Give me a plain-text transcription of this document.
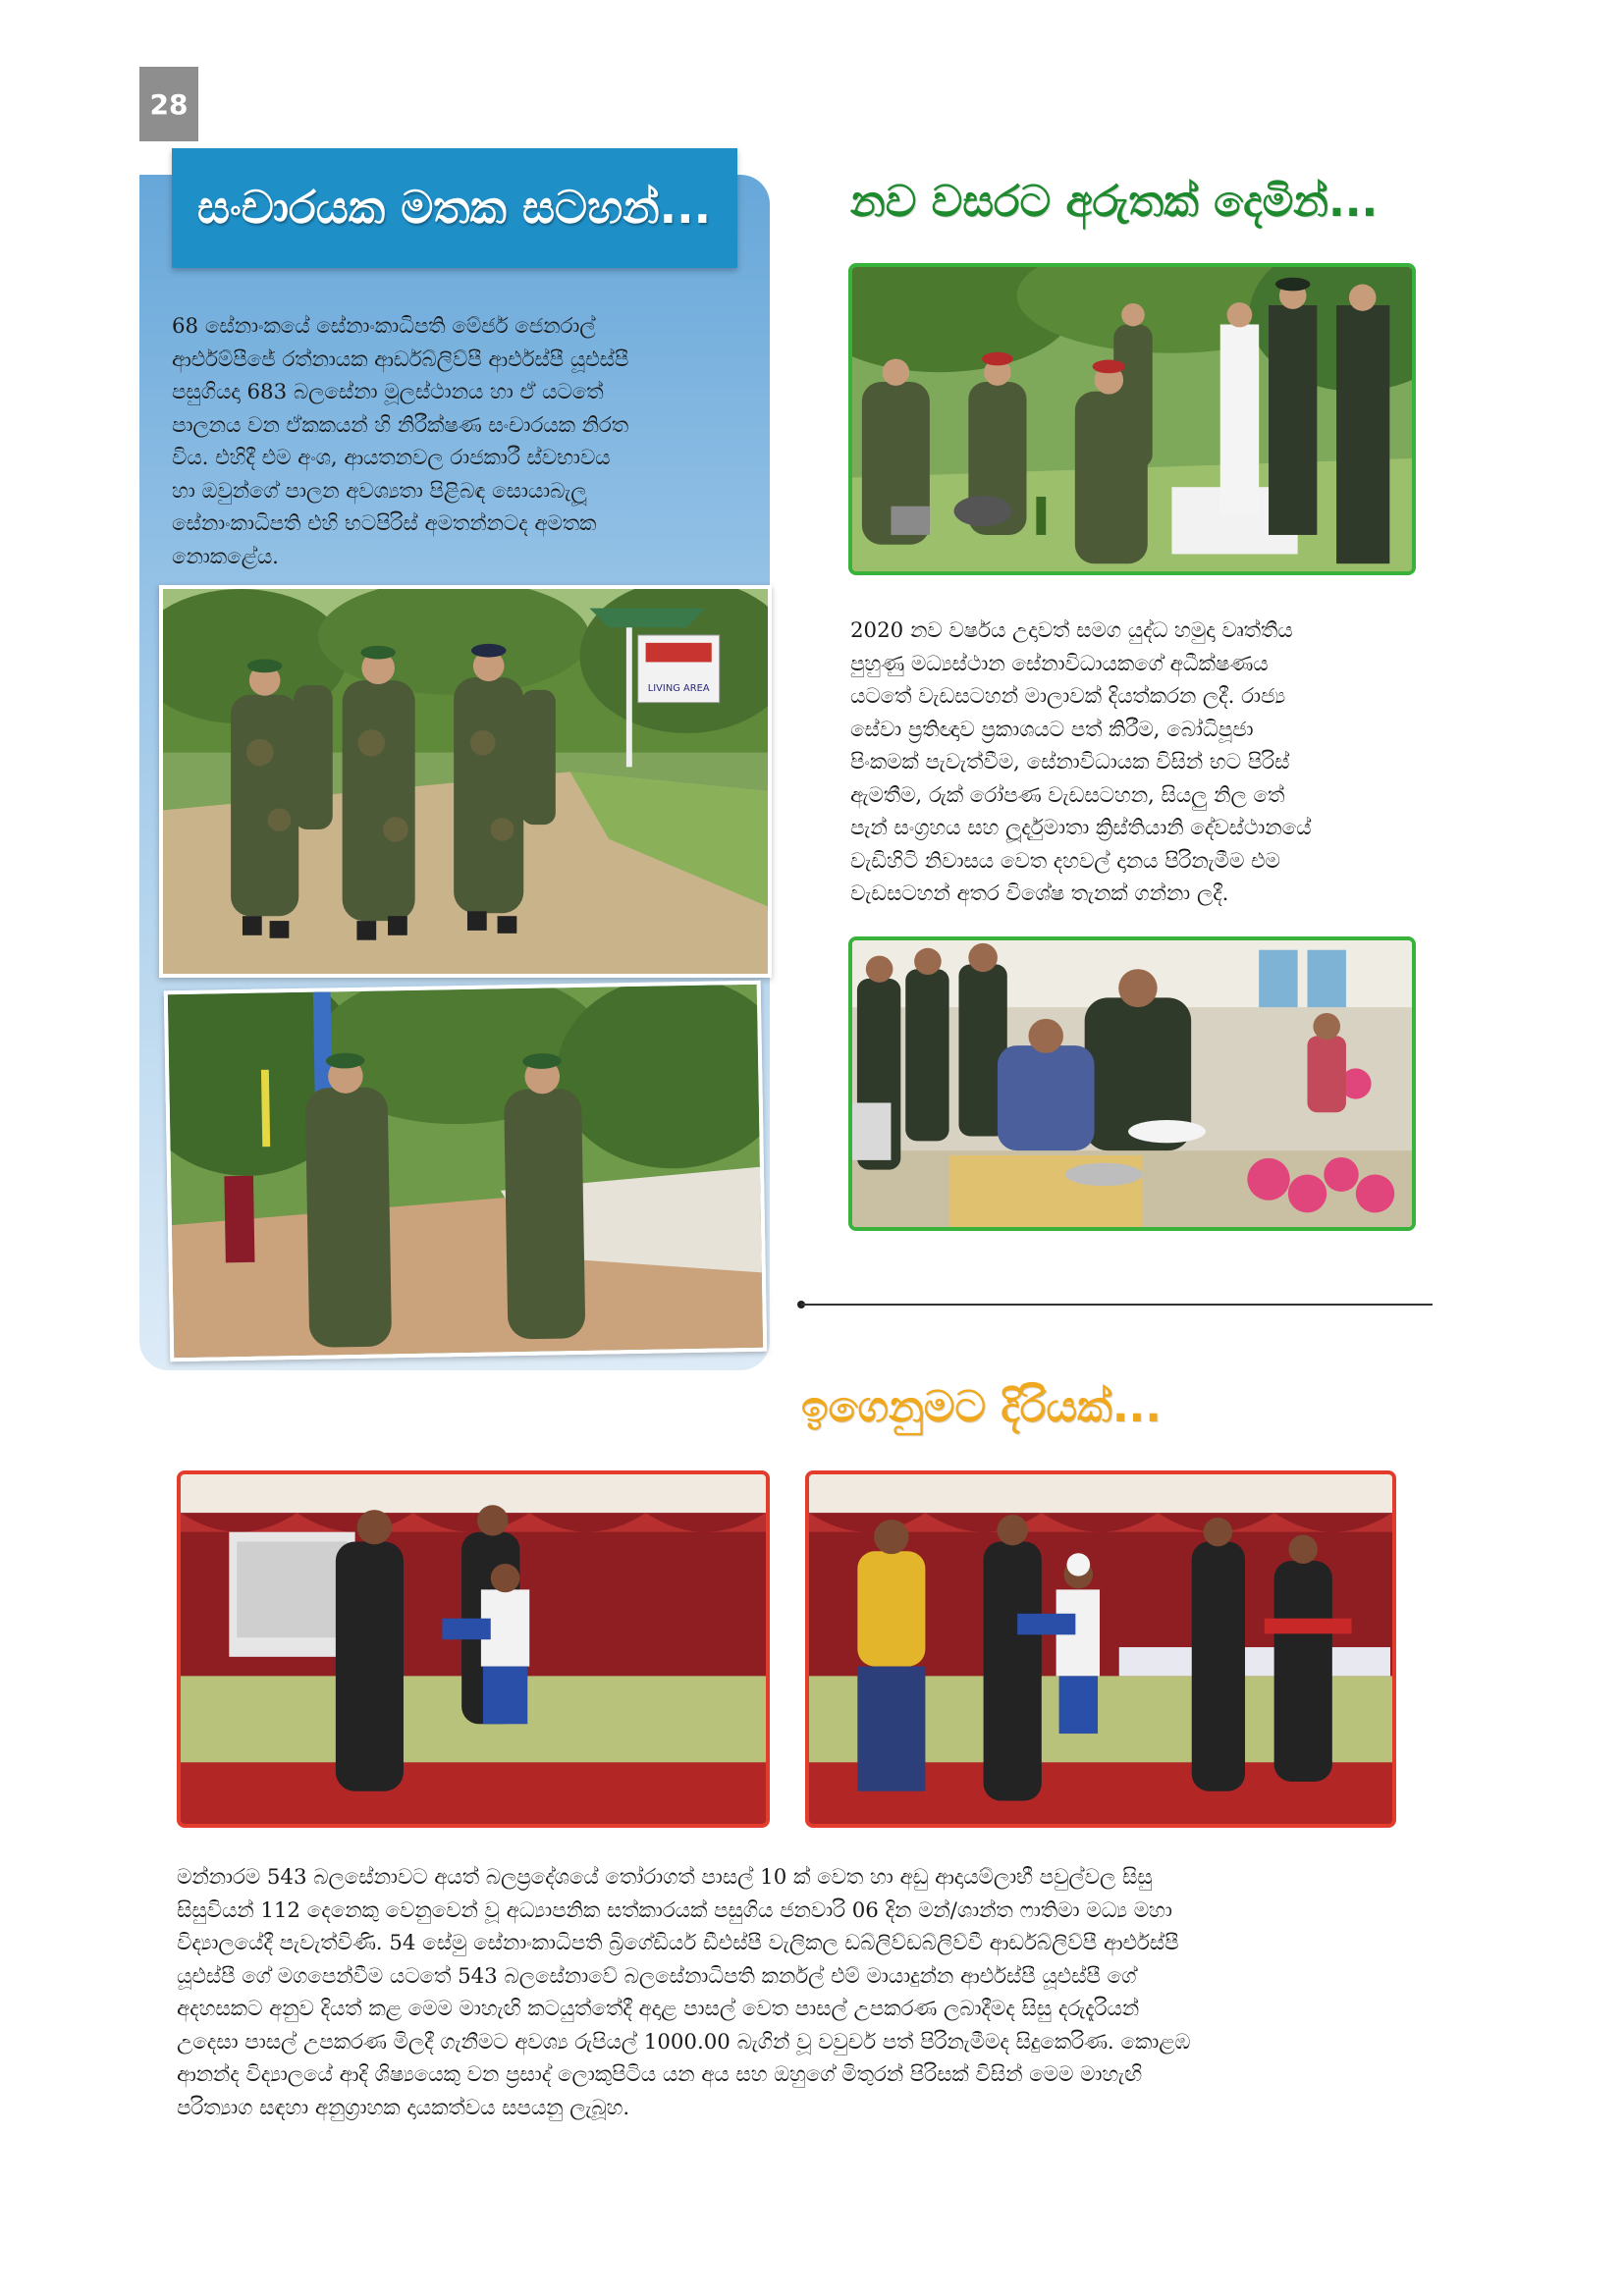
28
සංචාරයක මතක සටහන්...
68 සේනාංකයේ සේනාංකාධිපති මේජර් ජෙනරාල්
ආර්එම්පීජේ රත්නායක ආර්ඩබ්ලිව්පී ආර්එස්පී යූඑස්පී
පසුගියදා 683 බලසේනා මූලස්ථානය හා ඒ යටතේ
පාලනය වන ඒකකයන් හි නිරීක්ෂණ සංචාරයක නිරත
විය. එහිදී එම අංශ, ආයතනවල රාජකාරී ස්වභාවය
හා ඔවුන්ගේ පාලන අවශ්‍යතා පිළිබඳ සොයාබැලූ
සේනාංකාධිපති එහි භටපිරිස් අමතන්නටද අමතක
නොකළේය.
LIVING AREA
නව වසරට අරුතක් දෙමින්...
2020 නව වර්ෂය උදාවත් සමග යුද්ධ හමුදා වෘත්තීය
පුහුණු මධ්‍යස්ථාන සේනාවිධායකගේ අධීක්ෂණය
යටතේ වැඩසටහන් මාලාවක් දියත්කරන ලදී. රාජ්‍ය
සේවා ප්‍රතිඥාව ප්‍රකාශයට පත් කිරීම, බෝධිපූජා
පිංකමක් පැවැත්වීම, සේනාවිධායක විසින් භට පිරිස්
ඇමතීම, රුක් රෝපණ වැඩසටහන, සියලු නිල තේ
පැන් සංග්‍රහය සහ ලූර්දුමාතා ක්‍රිස්තියානි දේවස්ථානයේ
වැඩිහිටි නිවාසය වෙත දහවල් දානය පිරිනැමීම එම
වැඩසටහන් අතර විශේෂ තැනක් ගන්නා ලදී.
ඉගෙනුමට දිරියක්...
මන්නාරම 543 බලසේනාවට අයත් බලප්‍රදේශයේ තෝරාගත් පාසල් 10 ක් වෙත හා අඩු ආදායම්ලාභී පවුල්වල සිසු
සිසුවියන් 112 දෙනෙකු වෙනුවෙන් වූ අධ්‍යාපනික සත්කාරයක් පසුගිය ජනවාරි 06 දින මන්/ශාන්ත ෆාතිමා මධ්‍ය මහා
විද්‍යාලයේදී පැවැත්විණි. 54 සේමු සේනාංකාධිපති බ්‍රිගේඩියර් ඩීඑස්පී වැලිකල ඩබ්ලිව්ඩබ්ලිව්වී ආර්ඩබ්ලිව්පී ආර්එස්පී
යූඑස්පී ගේ මගපෙන්වීම යටතේ 543 බලසේනාවේ බලසේනාධිපති කර්නල් එම් මායාදුන්න ආර්එස්පී යූඑස්පී ගේ
අදහසකට අනුව දියත් කළ මෙම මාහැඟි කටයුත්තේදී අදාළ පාසල් වෙත පාසල් උපකරණ ලබාදීමද සිසු දරුදැරියන්
උදෙසා පාසල් උපකරණ මිලදී ගැනීමට අවශ්‍ය රුපියල් 1000.00 බැගින් වූ වවුචර් පත් පිරිනැමීමද සිදුකෙරිණ. කොළඹ
ආනන්ද විද්‍යාලයේ ආදි ශිෂ්‍යයෙකු වන ප්‍රසාද් ලොකුපිටිය යන අය සහ ඔහුගේ මිතුරන් පිරිසක් විසින් මෙම මාහැඟි
පරිත්‍යාග සඳහා අනුග්‍රාහක දායකත්වය සපයනු ලැබූහ.
